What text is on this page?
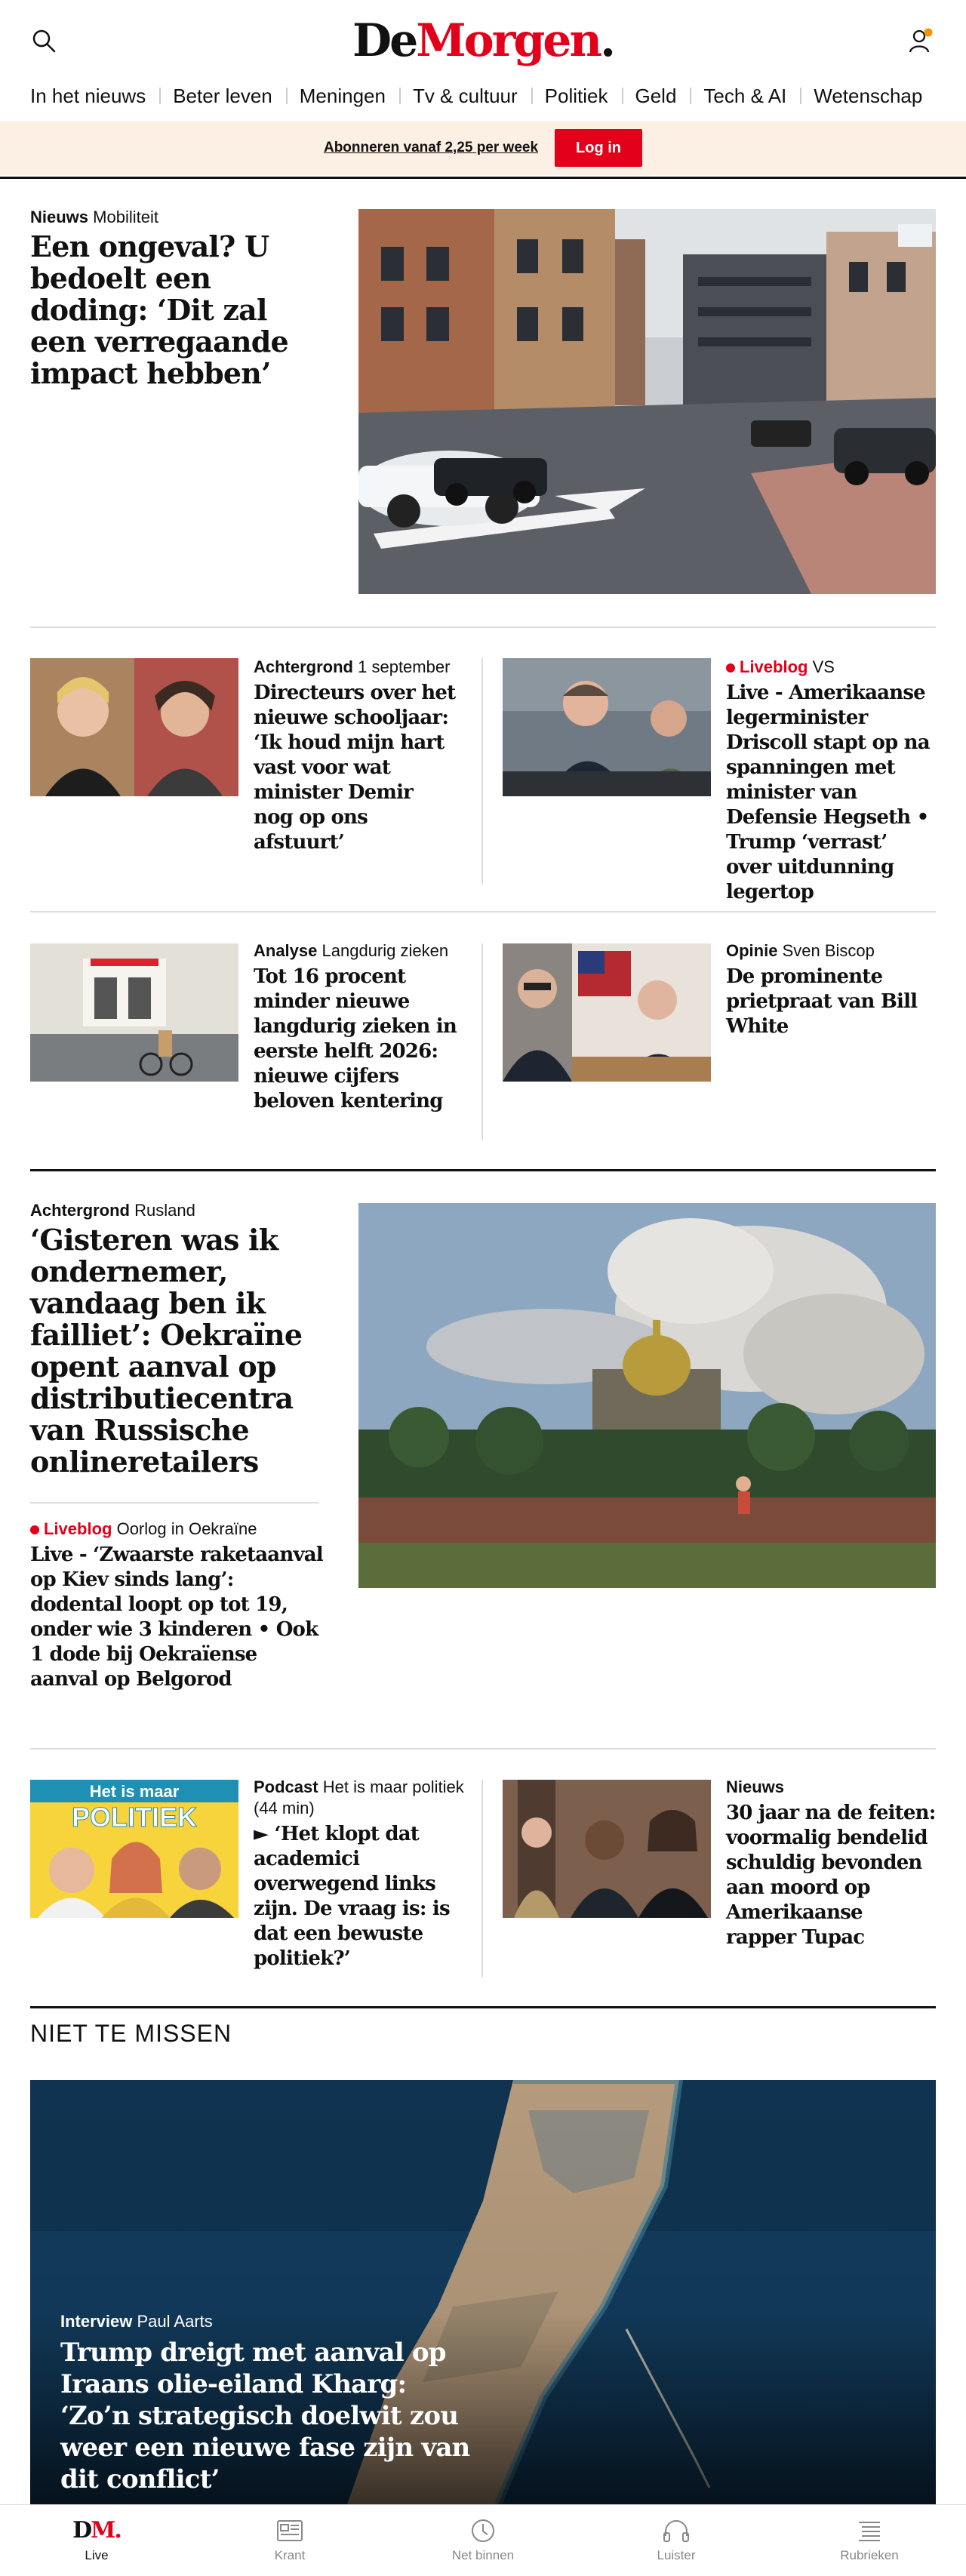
DeMorgen.
In het nieuws Beter leven Meningen Tv & cultuur Politiek Geld Tech & AI Wetenschap
Abonneren vanaf 2,25 per week	Log in
Nieuws Mobiliteit
Een ongeval? U bedoelt een doding: ‘Dit zal een verregaande impact hebben’
Achtergrond 1 september
Directeurs over het nieuwe schooljaar: ‘Ik houd mijn hart vast voor wat minister Demir nog op ons afstuurt’
Liveblog VS
Live - Amerikaanse legerminister Driscoll stapt op na spanningen met minister van Defensie Hegseth • Trump ‘verrast’ over uitdunning legertop
Analyse Langdurig zieken
Tot 16 procent minder nieuwe langdurig zieken in eerste helft 2026: nieuwe cijfers beloven kentering
Opinie Sven Biscop
De prominente prietpraat van Bill White
Achtergrond Rusland
‘Gisteren was ik ondernemer, vandaag ben ik failliet’: Oekraïne opent aanval op distributiecentra van Russische onlineretailers
Liveblog Oorlog in Oekraïne
Live - ‘Zwaarste raketaanval op Kiev sinds lang’: dodental loopt op tot 19, onder wie 3 kinderen • Ook 1 dode bij Oekraïense aanval op Belgorod
Het is maar
POLITIEK
Podcast Het is maar politiek (44 min)
► ‘Het klopt dat academici overwegend links zijn. De vraag is: is dat een bewuste politiek?’
Nieuws
30 jaar na de feiten: voormalig bendelid schuldig bevonden aan moord op Amerikaanse rapper Tupac
NIET TE MISSEN
Interview Paul Aarts
Trump dreigt met aanval op Iraans olie-eiland Kharg: ‘Zo’n strategisch doelwit zou weer een nieuwe fase zijn van dit conflict’
DM.
Live	Krant	Net binnen	Luister	Rubrieken
